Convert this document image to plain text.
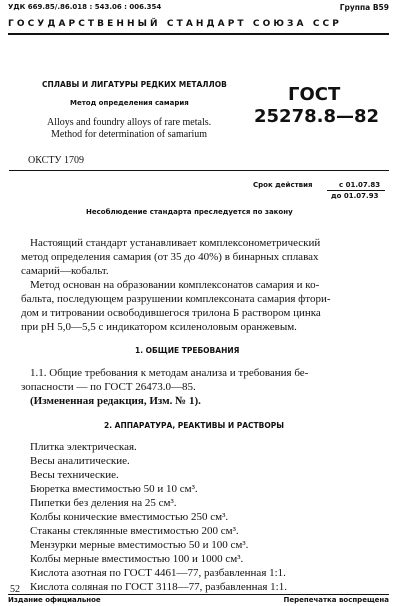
УДК 669.85/.86.018 : 543.06 : 006.354	Группа В59
ГОСУДАРСТВЕННЫЙ СТАНДАРТ СОЮЗА ССР
СПЛАВЫ И ЛИГАТУРЫ РЕДКИХ МЕТАЛЛОВ
Метод определения самария
Alloys and foundry alloys of rare metals.
Method for determination of samarium
ГОСТ
25278.8—82
ОКСТУ 1709
Срок действия	с 01.07.83
до 01.07.93
Несоблюдение стандарта преследуется по закону
Настоящий стандарт устанавливает комплексонометрический
метод определения самария (от 35 до 40%) в бинарных сплавах
самарий—кобальт.
Метод основан на образовании комплексонатов самария и ко-
бальта, последующем разрушении комплексоната самария фтори-
дом и титровании освободившегося трилона Б раствором цинка
при рН 5,0—5,5 с индикатором ксиленоловым оранжевым.
1. ОБЩИЕ ТРЕБОВАНИЯ
1.1. Общие требования к методам анализа и требования бе-
зопасности — по ГОСТ 26473.0—85.
(Измененная редакция, Изм. № 1).
2. АППАРАТУРА, РЕАКТИВЫ И РАСТВОРЫ
Плитка электрическая.
Весы аналитические.
Весы технические.
Бюретка вместимостью 50 и 10 см³.
Пипетки без деления на 25 см³.
Колбы конические вместимостью 250 см³.
Стаканы стеклянные вместимостью 200 см³.
Мензурки мерные вместимостью 50 и 100 см³.
Колбы мерные вместимостью 100 и 1000 см³.
Кислота азотная по ГОСТ 4461—77, разбавленная 1:1.
Кислота соляная по ГОСТ 3118—77, разбавленная 1:1.
Издание официальное	Перепечатка воспрещена
52
